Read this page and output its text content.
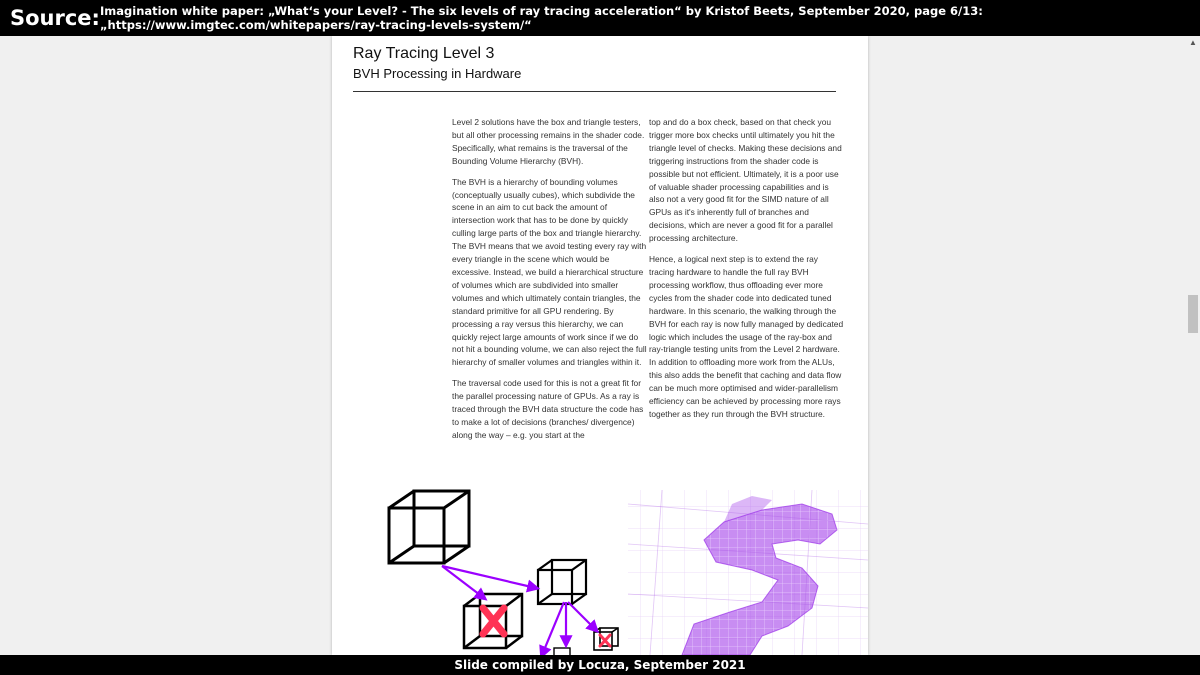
Source: Imagination white paper: „What‘s your Level? - The six levels of ray tracing acceleration“ by Kristof Beets, September 2020, page 6/13:
„https://www.imgtec.com/whitepapers/ray-tracing-levels-system/“
Ray Tracing Level 3
BVH Processing in Hardware

Level 2 solutions have the box and triangle testers, but all other processing remains in the shader code. Specifically, what remains is the traversal of the Bounding Volume Hierarchy (BVH).

The BVH is a hierarchy of bounding volumes (conceptually usually cubes), which subdivide the scene in an aim to cut back the amount of intersection work that has to be done by quickly culling large parts of the box and triangle hierarchy. The BVH means that we avoid testing every ray with every triangle in the scene which would be excessive. Instead, we build a hierarchical structure of volumes which are subdivided into smaller volumes and which ultimately contain triangles, the standard primitive for all GPU rendering. By processing a ray versus this hierarchy, we can quickly reject large amounts of work since if we do not hit a bounding volume, we can also reject the full hierarchy of smaller volumes and triangles within it.

The traversal code used for this is not a great fit for the parallel processing nature of GPUs. As a ray is traced through the BVH data structure the code has to make a lot of decisions (branches/ divergence) along the way – e.g. you start at the

top and do a box check, based on that check you trigger more box checks until ultimately you hit the triangle level of checks. Making these decisions and triggering instructions from the shader code is possible but not efficient. Ultimately, it is a poor use of valuable shader processing capabilities and is also not a very good fit for the SIMD nature of all GPUs as it's inherently full of branches and decisions, which are never a good fit for a parallel processing architecture.

Hence, a logical next step is to extend the ray tracing hardware to handle the full ray BVH processing workflow, thus offloading ever more cycles from the shader code into dedicated tuned hardware. In this scenario, the walking through the BVH for each ray is now fully managed by dedicated logic which includes the usage of the ray-box and ray-triangle testing units from the Level 2 hardware. In addition to offloading more work from the ALUs, this also adds the benefit that caching and data flow can be much more optimised and wider-parallelism efficiency can be achieved by processing more rays together as they run through the BVH structure.

▲
Slide compiled by Locuza, September 2021
